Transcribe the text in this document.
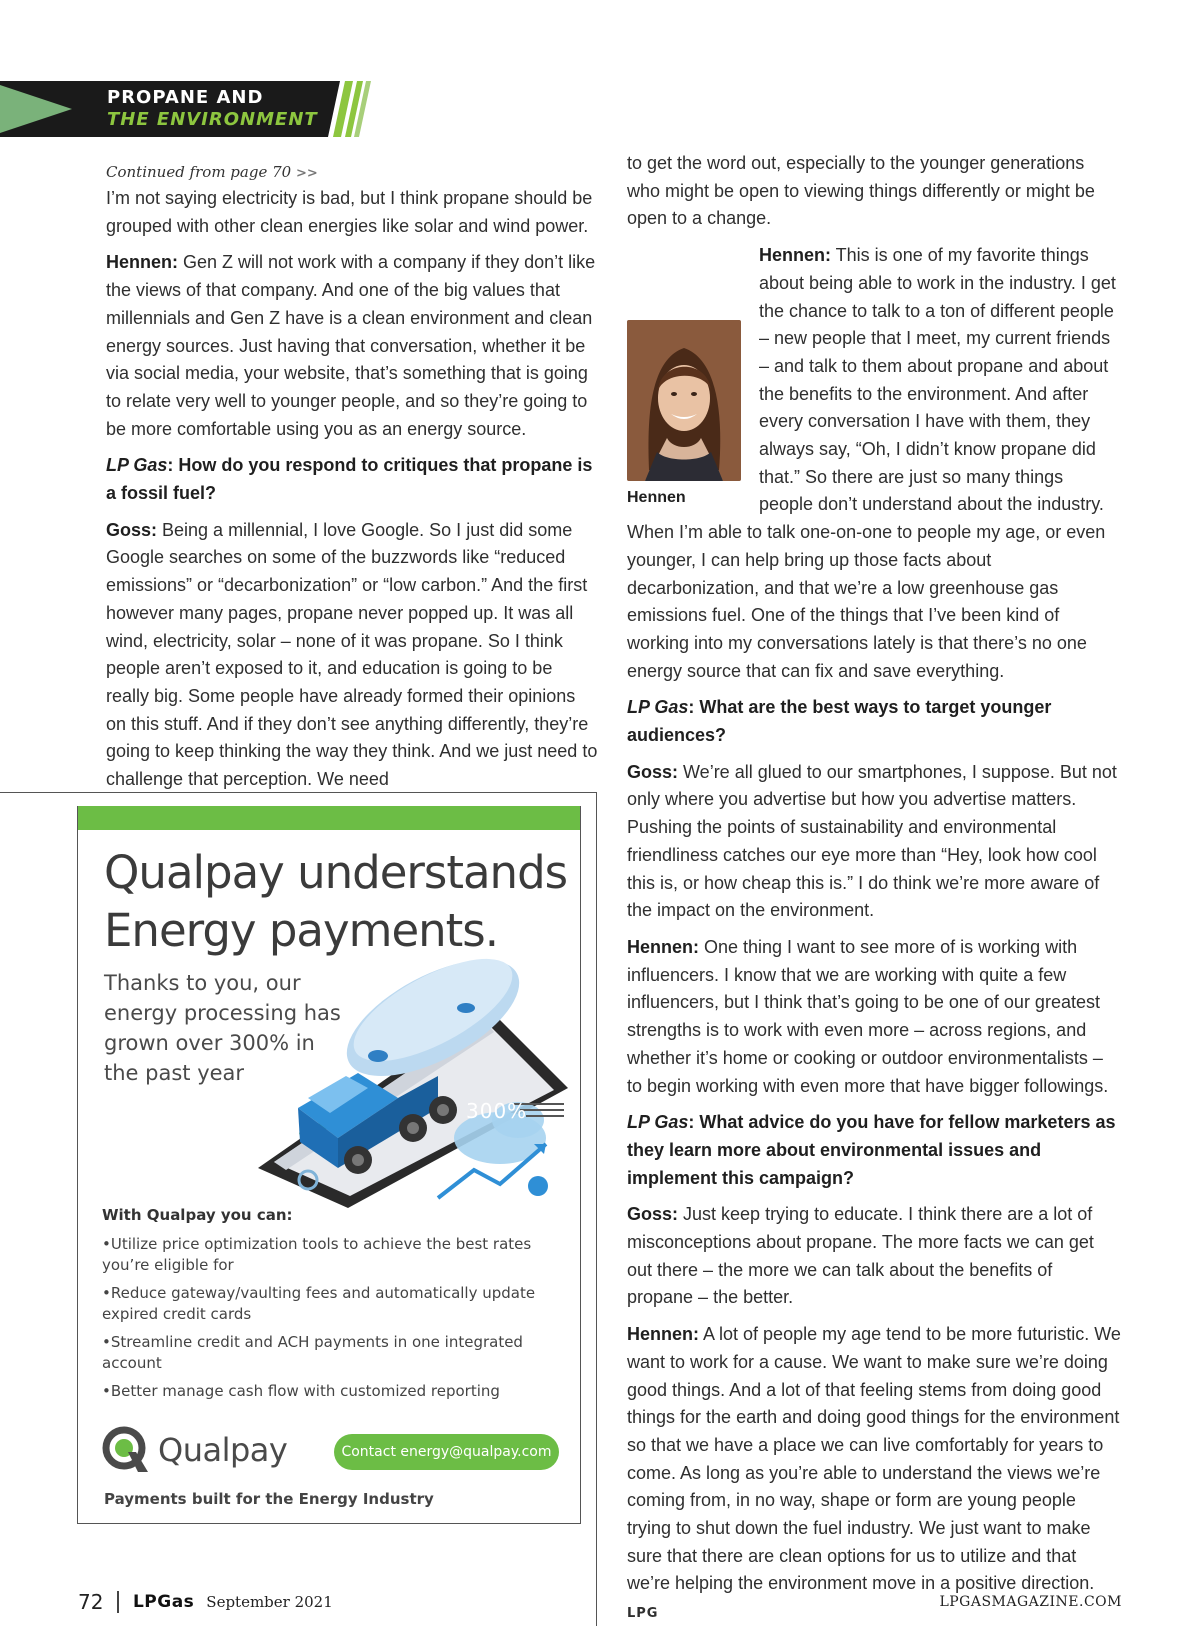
PROPANE AND
THE ENVIRONMENT

Continued from page 70 >>

I’m not saying electricity is bad, but I think propane should be grouped with other clean energies like solar and wind power.

Hennen: Gen Z will not work with a company if they don’t like the views of that company. And one of the big values that millennials and Gen Z have is a clean environment and clean energy sources. Just having that conversation, whether it be via social media, your website, that’s something that is going to relate very well to younger people, and so they’re going to be more comfortable using you as an energy source.

LP Gas: How do you respond to critiques that propane is a fossil fuel?

Goss: Being a millennial, I love Google. So I just did some Google searches on some of the buzzwords like “reduced emissions” or “decarbonization” or “low carbon.” And the first however many pages, propane never popped up. It was all wind, electricity, solar – none of it was propane. So I think people aren’t exposed to it, and education is going to be really big. Some people have already formed their opinions on this stuff. And if they don’t see anything differently, they’re going to keep thinking the way they think. And we just need to challenge that perception. We need

to get the word out, especially to the younger generations who might be open to viewing things differently or might be open to a change.

Hennen: This is one of my favorite things about being able to work in the industry. I get the chance to talk to a ton of different people – new people that I meet, my current friends – and talk to them about propane and about the benefits to the environment. And after every conversation I have with them, they always say, “Oh, I didn’t know propane did that.” So there are just so many things people don’t understand about the industry. When I’m able to talk one-on-one to people my age, or even younger, I can help bring up those facts about decarbonization, and that we’re a low greenhouse gas emissions fuel. One of the things that I’ve been kind of working into my conversations lately is that there’s no one energy source that can fix and save everything.

LP Gas: What are the best ways to target younger audiences?

Goss: We’re all glued to our smartphones, I suppose. But not only where you advertise but how you advertise matters. Pushing the points of sustainability and environmental friendliness catches our eye more than “Hey, look how cool this is, or how cheap this is.” I do think we’re more aware of the impact on the environment.

Hennen: One thing I want to see more of is working with influencers. I know that we are working with quite a few influencers, but I think that’s going to be one of our greatest strengths is to work with even more – across regions, and whether it’s home or cooking or outdoor environmentalists – to begin working with even more that have bigger followings.

LP Gas: What advice do you have for fellow marketers as they learn more about environmental issues and implement this campaign?

Goss: Just keep trying to educate. I think there are a lot of misconceptions about propane. The more facts we can get out there – the more we can talk about the benefits of propane – the better.

Hennen: A lot of people my age tend to be more futuristic. We want to work for a cause. We want to make sure we’re doing good things. And a lot of that feeling stems from doing good things for the earth and doing good things for the environment so that we have a place we can live comfortably for years to come. As long as you’re able to understand the views we’re coming from, in no way, shape or form are young people trying to shut down the fuel industry. We just want to make sure that there are clean options for us to utilize and that we’re helping the environment move in a positive direction. LPG

Hennen
Qualpay understands
Energy payments.
Thanks to you, our
energy processing has
grown over 300% in
the past year
300%
With Qualpay you can:
• Utilize price optimization tools to achieve the best rates you’re eligible for
• Reduce gateway/vaulting fees and automatically update expired credit cards
• Streamline credit and ACH payments in one integrated account
• Better manage cash flow with customized reporting
Qualpay	Contact energy@qualpay.com
Payments built for the Energy Industry
72 LPGas September 2021	LPGASMAGAZINE.COM
